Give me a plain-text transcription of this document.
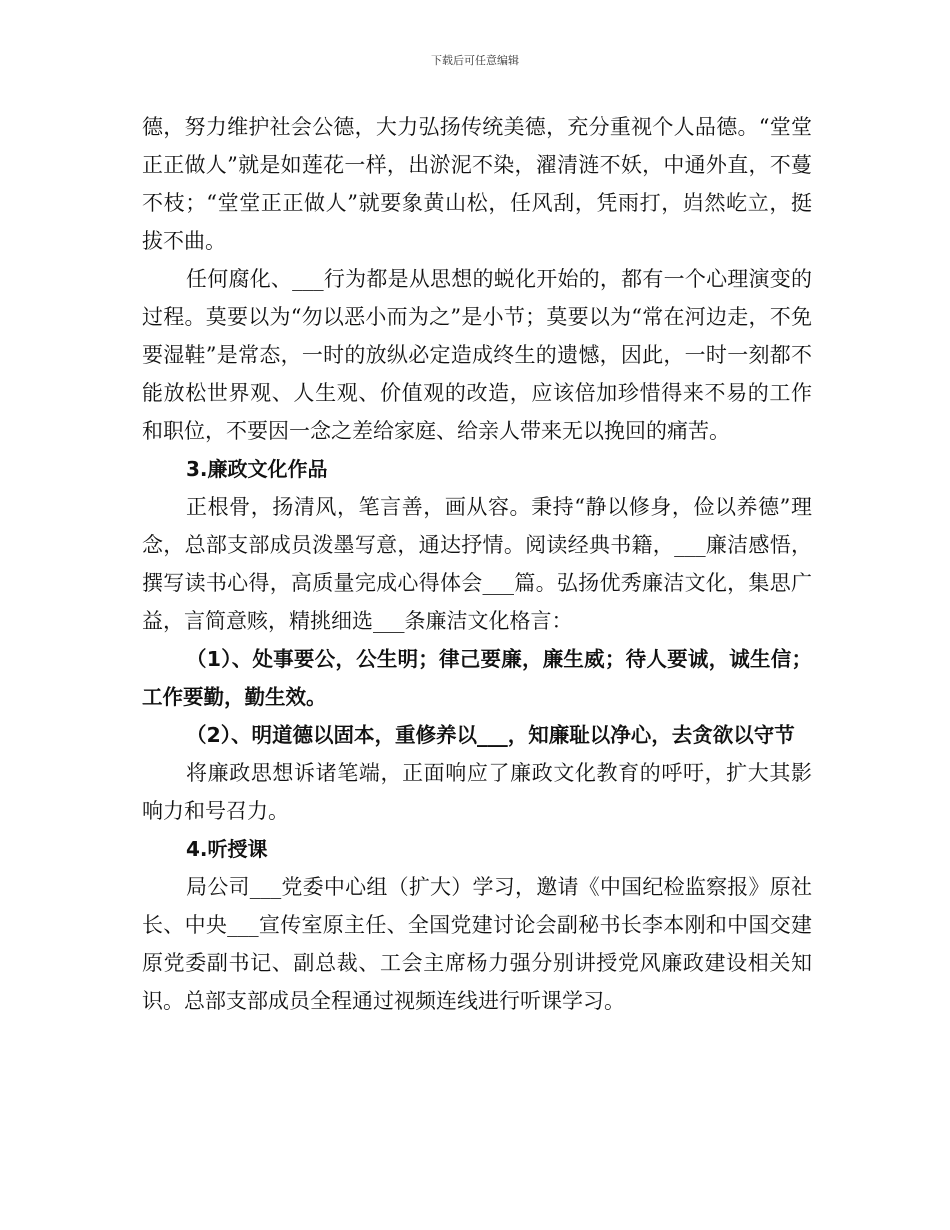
下载后可任意编辑

德，努力维护社会公德，大力弘扬传统美德，充分重视个人品德。“堂堂正正做人”就是如莲花一样，出淤泥不染，濯清涟不妖，中通外直，不蔓不枝；“堂堂正正做人”就要象黄山松，任风刮，凭雨打，岿然屹立，挺拔不曲。

任何腐化、___行为都是从思想的蜕化开始的，都有一个心理演变的过程。莫要以为“勿以恶小而为之”是小节；莫要以为“常在河边走，不免要湿鞋”是常态，一时的放纵必定造成终生的遗憾，因此，一时一刻都不能放松世界观、人生观、价值观的改造，应该倍加珍惜得来不易的工作和职位，不要因一念之差给家庭、给亲人带来无以挽回的痛苦。

3.廉政文化作品

正根骨，扬清风，笔言善，画从容。秉持“静以修身，俭以养德”理念，总部支部成员泼墨写意，通达抒情。阅读经典书籍，___廉洁感悟，撰写读书心得，高质量完成心得体会___篇。弘扬优秀廉洁文化，集思广益，言简意赅，精挑细选___条廉洁文化格言：

（1）、处事要公，公生明；律己要廉，廉生威；待人要诚，诚生信；工作要勤，勤生效。

（2）、明道德以固本，重修养以___，知廉耻以净心，去贪欲以守节

将廉政思想诉诸笔端，正面响应了廉政文化教育的呼吁，扩大其影响力和号召力。

4.听授课

局公司___党委中心组（扩大）学习，邀请《中国纪检监察报》原社长、中央___宣传室原主任、全国党建讨论会副秘书长李本刚和中国交建原党委副书记、副总裁、工会主席杨力强分别讲授党风廉政建设相关知识。总部支部成员全程通过视频连线进行听课学习。
